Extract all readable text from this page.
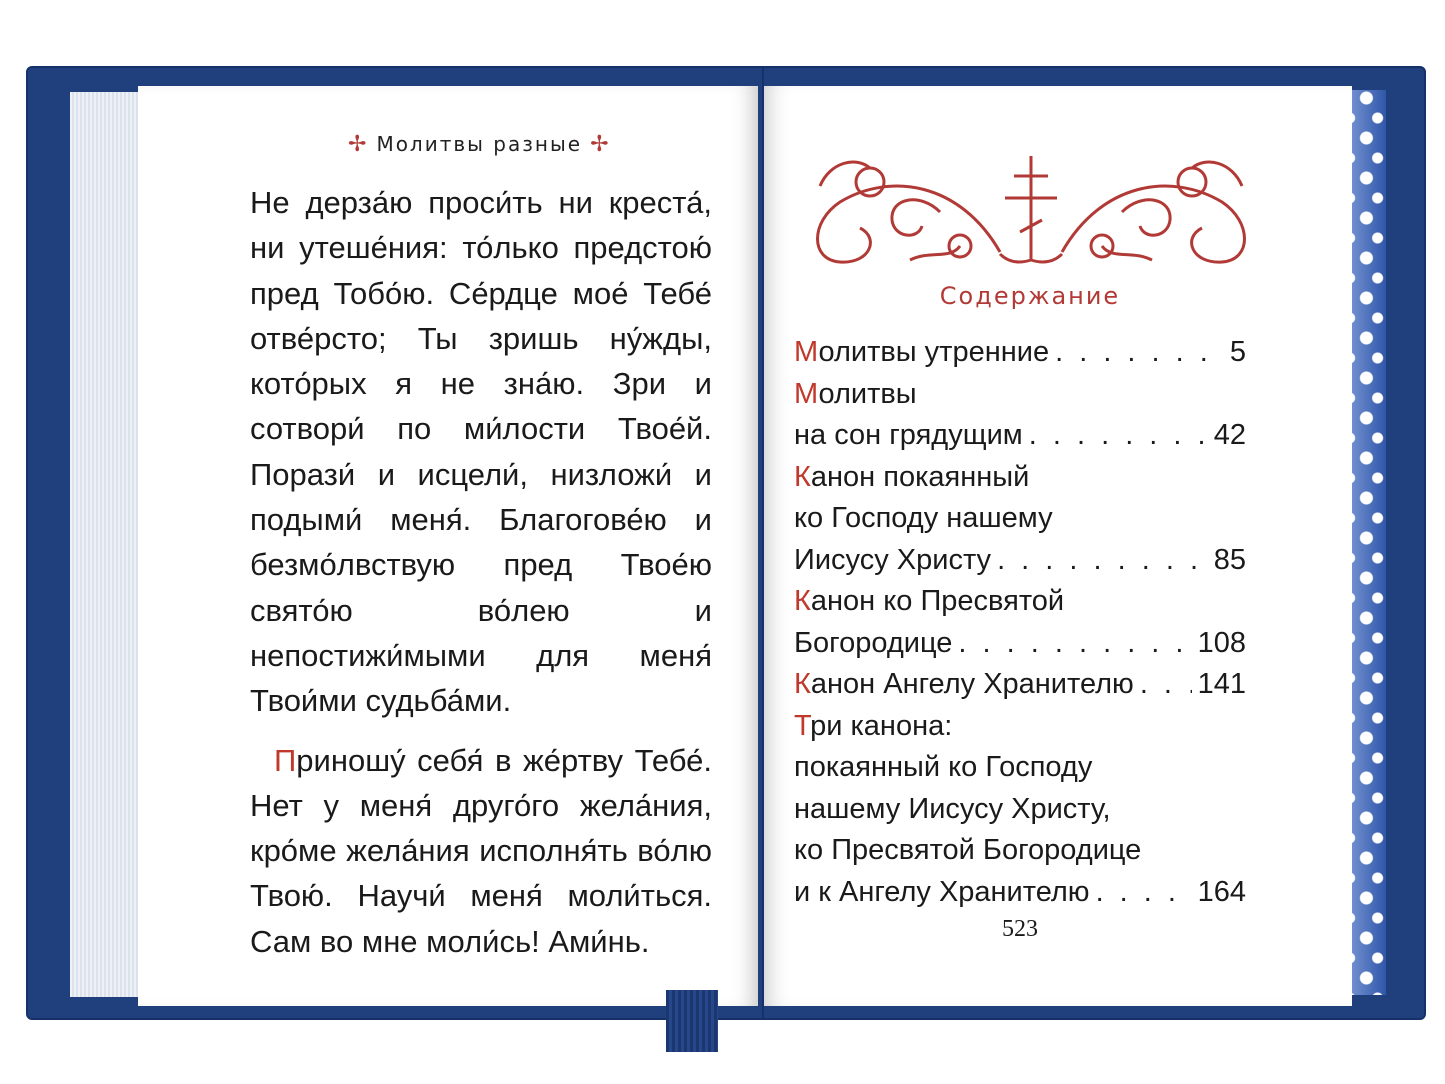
✢ Молитвы разные ✢

Не дерза́ю проси́ть ни креста́, ни утеше́ния: то́лько предстою́ пред Тобо́ю. Се́рдце мое́ Тебе́ отве́рсто; Ты зришь ну́жды, кото́рых я не зна́ю. Зри и сотвори́ по ми́лости Твое́й. Порази́ и исцели́, низложи́ и подыми́ меня́. Благогове́ю и безмо́лвствую пред Твое́ю свято́ю во́лею и непостижи́мыми для меня́ Твои́ми судьба́ми.

Приношу́ себя́ в же́ртву Тебе́. Нет у меня́ друго́го жела́ния, кро́ме жела́ния исполня́ть во́лю Твою́. Научи́ меня́ моли́ться. Сам во мне моли́сь! Ами́нь.

Содержание
Молитвы утренние . . .	5
Молитвы
на сон грядущим . . .	42
Канон покаянный
ко Господу нашему
Иисусу Христу . . .	85
Канон ко Пресвятой
Богородице . . .	108
Канон Ангелу Хранителю . . . 141
Три канона:
покаянный ко Господу
нашему Иисусу Христу,
ко Пресвятой Богородице
и к Ангелу Хранителю . . .	164
523
